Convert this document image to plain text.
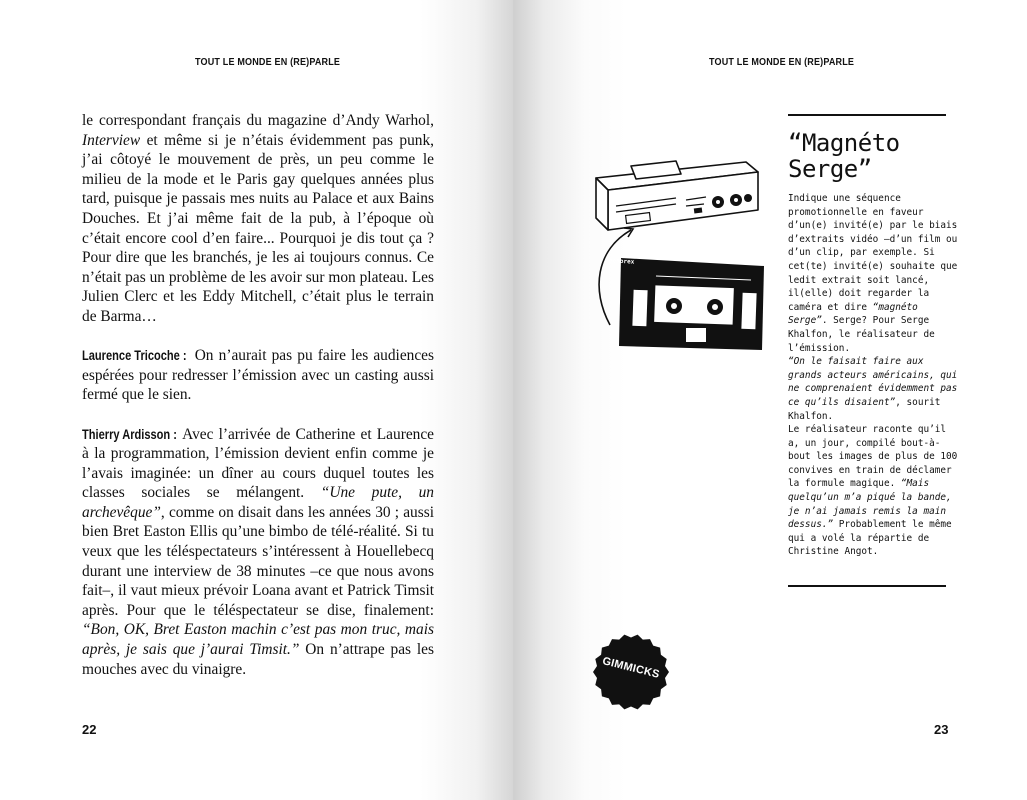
TOUT LE MONDE EN (RE)PARLE

le correspondant français du magazine d’Andy Warhol, Interview et même si je n’étais évidemment pas punk, j’ai côtoyé le mouvement de près, un peu comme le milieu de la mode et le Paris gay quelques années plus tard, puisque je passais mes nuits au Palace et aux Bains Douches. Et j’ai même fait de la pub, à l’époque où c’était encore cool d’en faire... Pourquoi je dis tout ça ? Pour dire que les branchés, je les ai toujours connus. Ce n’était pas un problème de les avoir sur mon plateau. Les Julien Clerc et les Eddy Mitchell, c’était plus le terrain de Barma…

Laurence Tricoche : On n’aurait pas pu faire les audiences espérées pour redresser l’émission avec un casting aussi fermé que le sien.

Thierry Ardisson : Avec l’arrivée de Catherine et Laurence à la programmation, l’émission devient enfin comme je l’avais imaginée: un dîner au cours duquel toutes les classes sociales se mélangent. “Une pute, un archevêque”, comme on disait dans les années 30 ; aussi bien Bret Easton Ellis qu’une bimbo de télé-réalité. Si tu veux que les téléspectateurs s’intéressent à Houellebecq durant une interview de 38 minutes –ce que nous avons fait–, il vaut mieux prévoir Loana avant et Patrick Timsit après. Pour que le téléspectateur se dise, finalement: “Bon, OK, Bret Easton machin c’est pas mon truc, mais après, je sais que j’aurai Timsit.” On n’attrape pas les mouches avec du vinaigre.

22
TOUT LE MONDE EN (RE)PARLE
Memorex
“Magnéto Serge”
Indique une séquence promotionnelle en faveur d’un(e) invité(e) par le biais d’extraits vidéo –d’un film ou d’un clip, par exemple. Si cet(te) invité(e) souhaite que ledit extrait soit lancé, il(elle) doit regarder la caméra et dire “magnéto Serge”. Serge? Pour Serge Khalfon, le réalisateur de l’émission.
“On le faisait faire aux grands acteurs américains, qui ne comprenaient évidemment pas ce qu’ils disaient”, sourit Khalfon.
Le réalisateur raconte qu’il a, un jour, compilé bout-à-bout les images de plus de 100 convives en train de déclamer la formule magique. “Mais quelqu’un m’a piqué la bande, je n’ai jamais remis la main dessus.” Probablement le même qui a volé la répartie de Christine Angot.
GIMMICKS
23
